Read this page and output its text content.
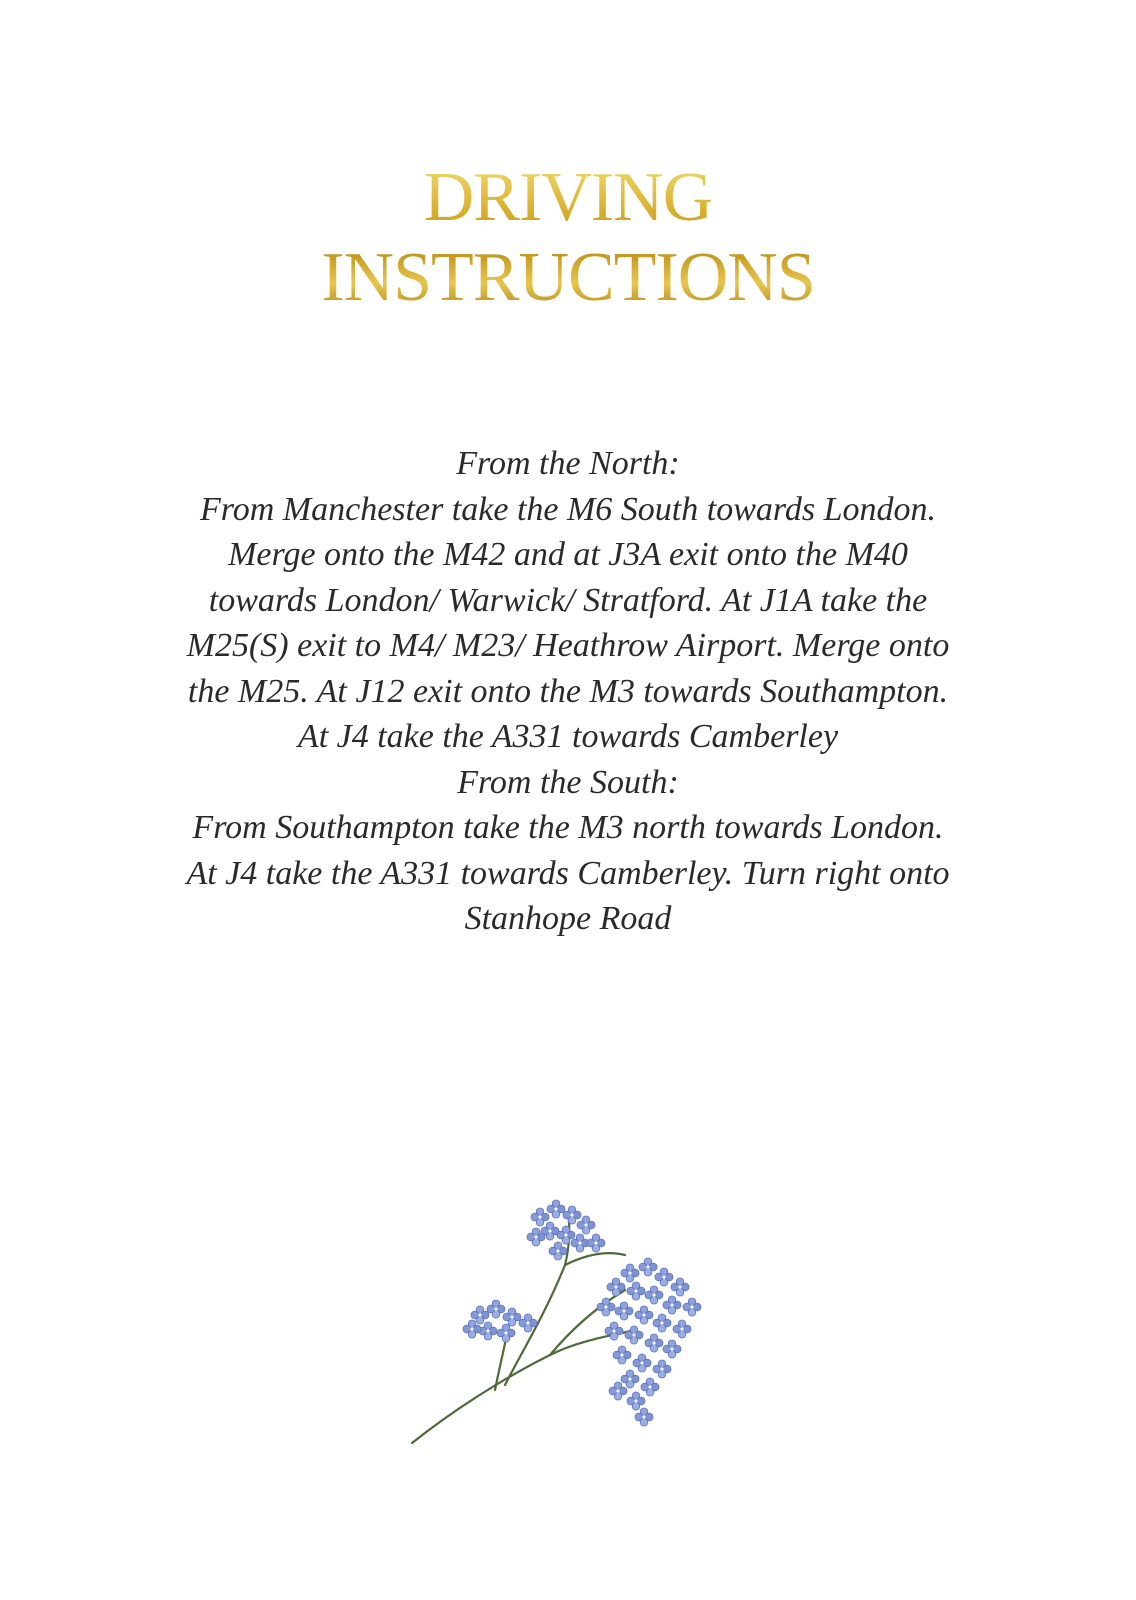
DRIVING
INSTRUCTIONS

From the North:

From Manchester take the M6 South towards London.

Merge onto the M42 and at J3A exit onto the M40

towards London/ Warwick/ Stratford. At J1A take the

M25(S) exit to M4/ M23/ Heathrow Airport. Merge onto

the M25. At J12 exit onto the M3 towards Southampton.

At J4 take the A331 towards Camberley

From the South:

From Southampton take the M3 north towards London.

At J4 take the A331 towards Camberley. Turn right onto

Stanhope Road
